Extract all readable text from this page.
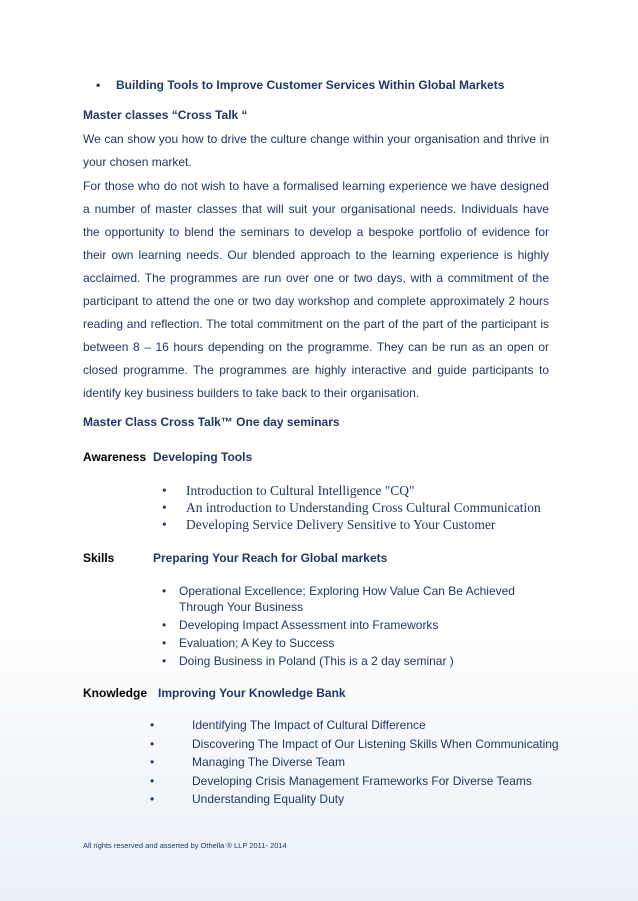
• Building Tools to Improve Customer Services Within Global Markets
Master classes “Cross Talk “

We can show you how to drive the culture change within your organisation and thrive in your chosen market.

For those who do not wish to have a formalised learning experience we have designed a number of master classes that will suit your organisational needs. Individuals have the opportunity to blend the seminars to develop a bespoke portfolio of evidence for their own learning needs. Our blended approach to the learning experience is highly acclaimed. The programmes are run over one or two days, with a commitment of the participant to attend the one or two day workshop and complete approximately 2 hours reading and reflection. The total commitment on the part of the part of the participant is between 8 – 16 hours depending on the programme. They can be run as an open or closed programme. The programmes are highly interactive and guide participants to identify key business builders to take back to their organisation.

Master Class Cross Talk™ One day seminars
Awareness Developing Tools
• Introduction to Cultural Intelligence "CQ"
• An introduction to Understanding Cross Cultural Communication
• Developing Service Delivery Sensitive to Your Customer
Skills	Preparing Your Reach for Global markets
• Operational Excellence; Exploring How Value Can Be Achieved Through Your Business
• Developing Impact Assessment into Frameworks
• Evaluation; A Key to Success
• Doing Business in Poland (This is a 2 day seminar )
Knowledge Improving Your Knowledge Bank
• Identifying The Impact of Cultural Difference
• Discovering The Impact of Our Listening Skills When Communicating
• Managing The Diverse Team
• Developing Crisis Management Frameworks For Diverse Teams
• Understanding Equality Duty
All rights reserved and asserted by Othella ® LLP 2011- 2014
